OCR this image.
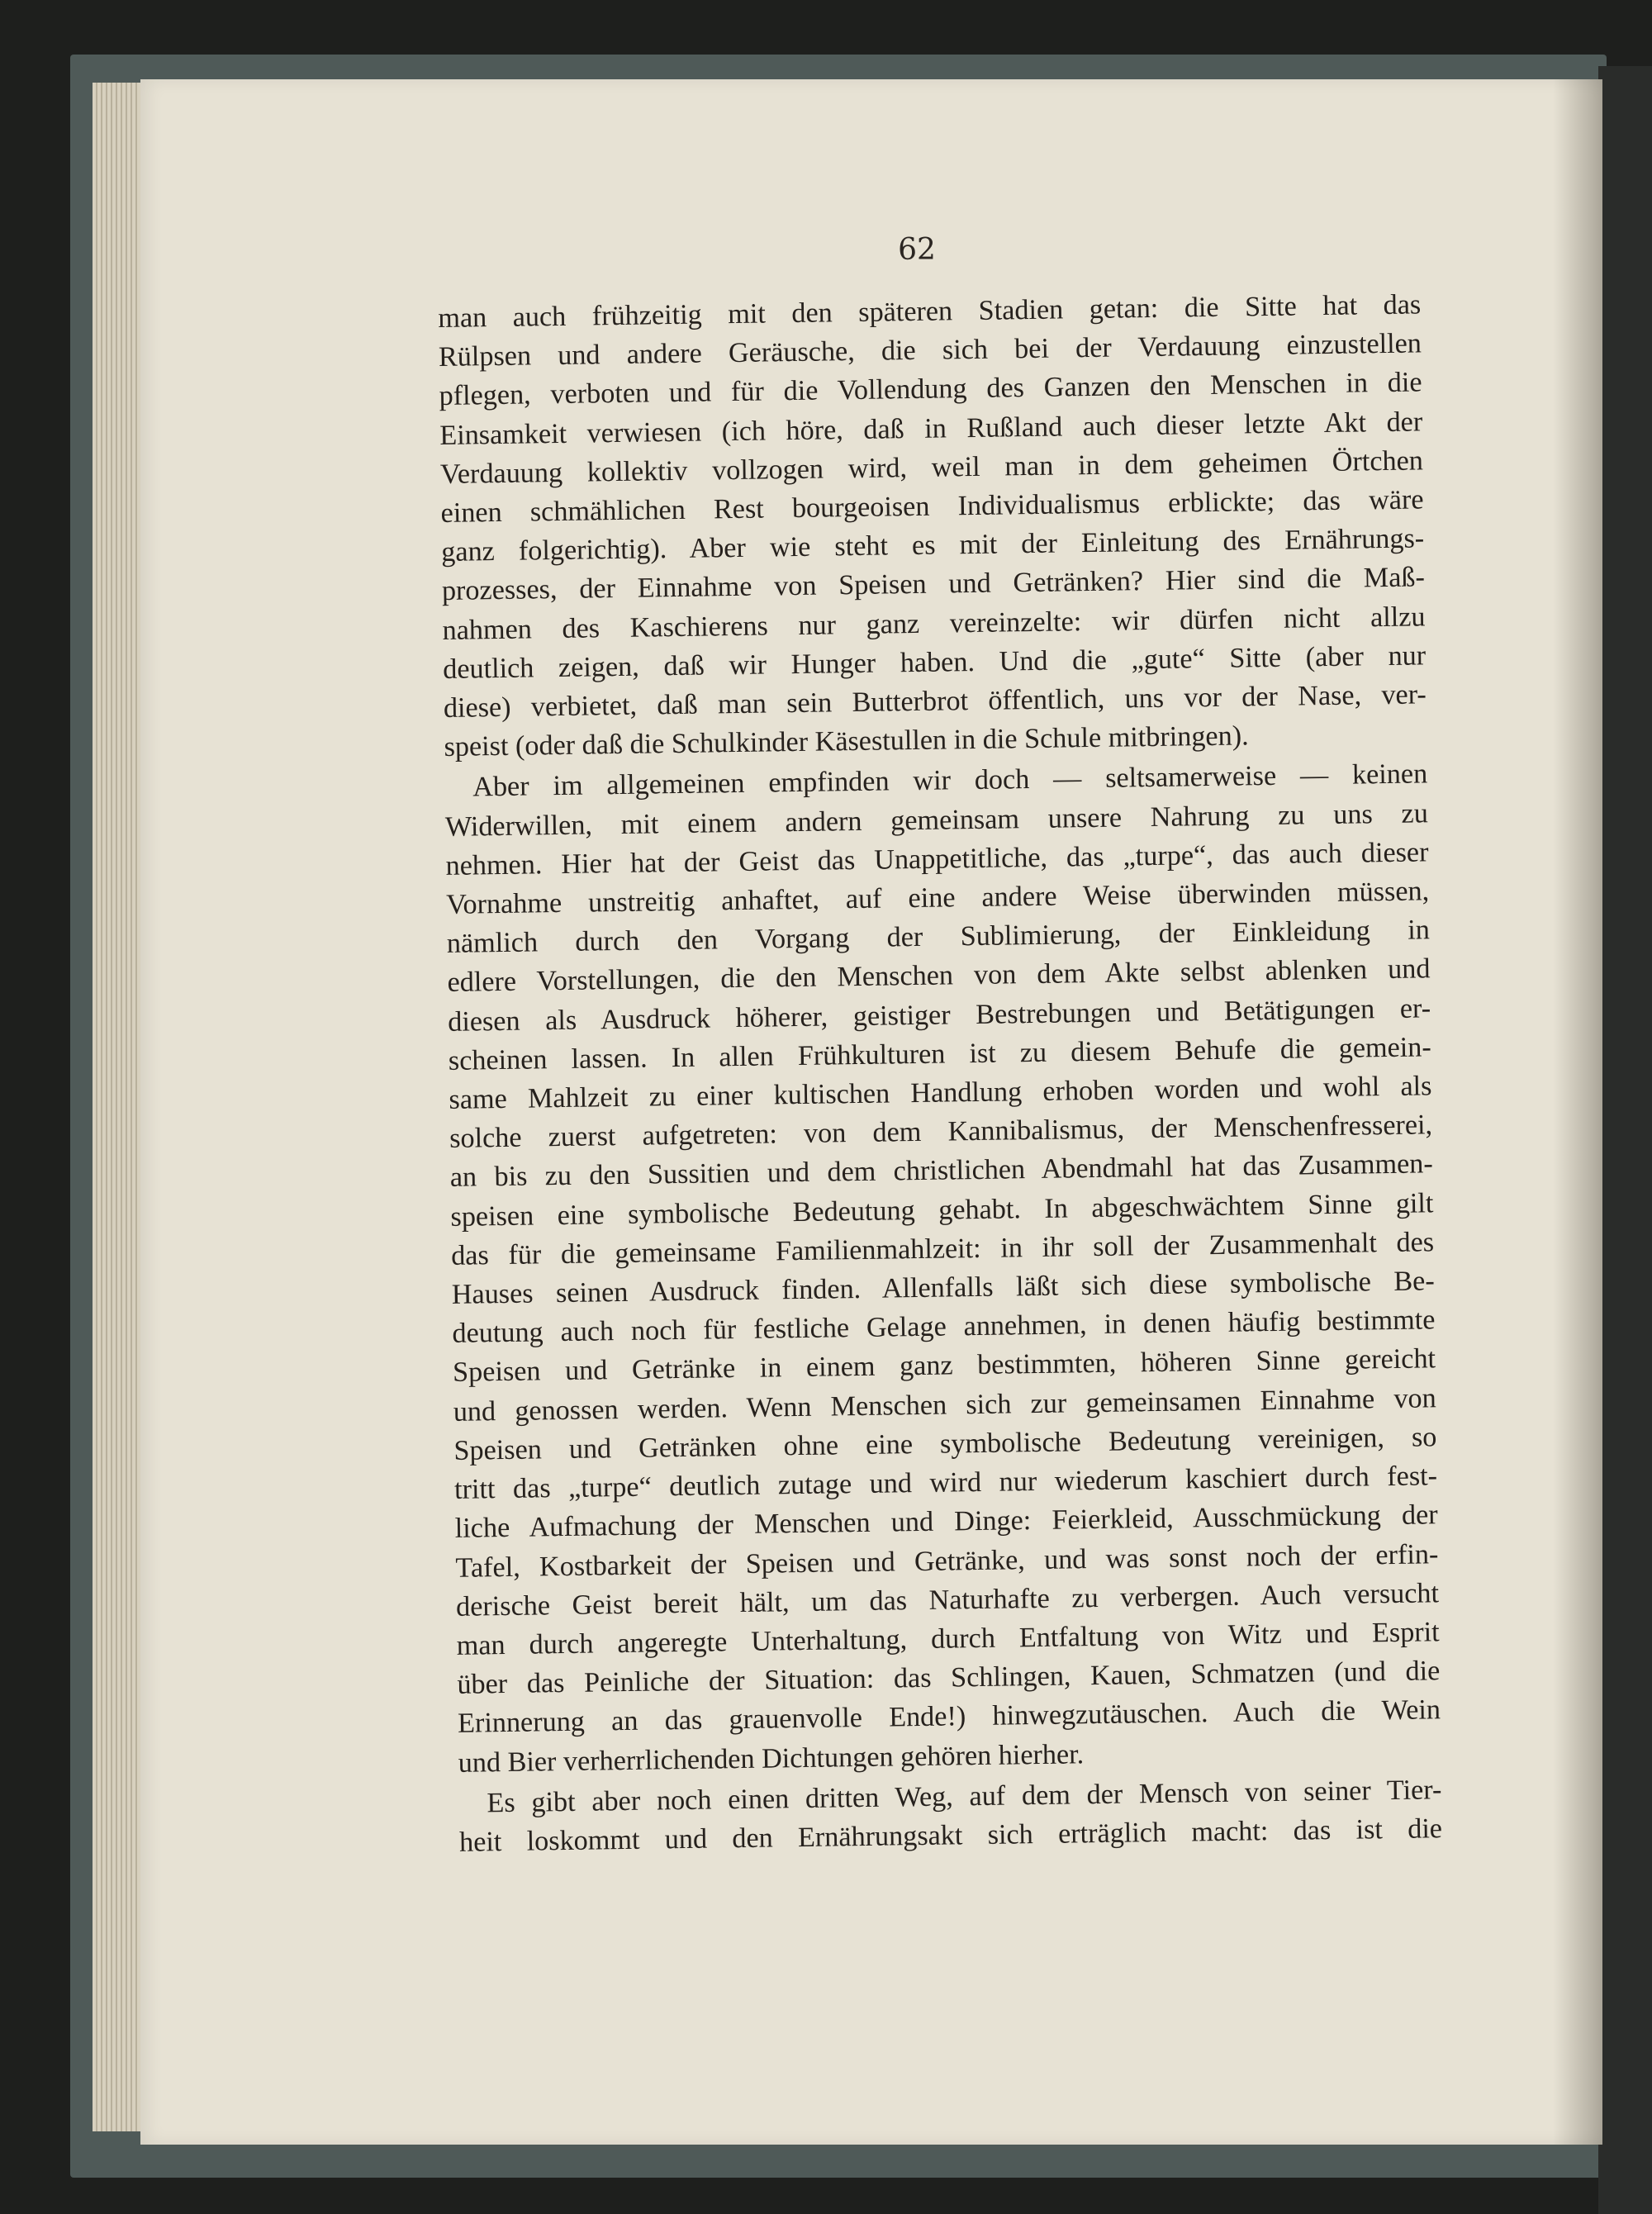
62
man auch frühzeitig mit den späteren Stadien getan: die Sitte hat das
Rülpsen und andere Geräusche, die sich bei der Verdauung einzustellen
pflegen, verboten und für die Vollendung des Ganzen den Menschen in die
Einsamkeit verwiesen (ich höre, daß in Rußland auch dieser letzte Akt der
Verdauung kollektiv vollzogen wird, weil man in dem geheimen Örtchen
einen schmählichen Rest bourgeoisen Individualismus erblickte; das wäre
ganz folgerichtig). Aber wie steht es mit der Einleitung des Ernährungs-
prozesses, der Einnahme von Speisen und Getränken? Hier sind die Maß-
nahmen des Kaschierens nur ganz vereinzelte: wir dürfen nicht allzu
deutlich zeigen, daß wir Hunger haben. Und die „gute“ Sitte (aber nur
diese) verbietet, daß man sein Butterbrot öffentlich, uns vor der Nase, ver-
speist (oder daß die Schulkinder Käsestullen in die Schule mitbringen).
Aber im allgemeinen empfinden wir doch — seltsamerweise — keinen
Widerwillen, mit einem andern gemeinsam unsere Nahrung zu uns zu
nehmen. Hier hat der Geist das Unappetitliche, das „turpe“, das auch dieser
Vornahme unstreitig anhaftet, auf eine andere Weise überwinden müssen,
nämlich durch den Vorgang der Sublimierung, der Einkleidung in
edlere Vorstellungen, die den Menschen von dem Akte selbst ablenken und
diesen als Ausdruck höherer, geistiger Bestrebungen und Betätigungen er-
scheinen lassen. In allen Frühkulturen ist zu diesem Behufe die gemein-
same Mahlzeit zu einer kultischen Handlung erhoben worden und wohl als
solche zuerst aufgetreten: von dem Kannibalismus, der Menschenfresserei,
an bis zu den Sussitien und dem christlichen Abendmahl hat das Zusammen-
speisen eine symbolische Bedeutung gehabt. In abgeschwächtem Sinne gilt
das für die gemeinsame Familienmahlzeit: in ihr soll der Zusammenhalt des
Hauses seinen Ausdruck finden. Allenfalls läßt sich diese symbolische Be-
deutung auch noch für festliche Gelage annehmen, in denen häufig bestimmte
Speisen und Getränke in einem ganz bestimmten, höheren Sinne gereicht
und genossen werden. Wenn Menschen sich zur gemeinsamen Einnahme von
Speisen und Getränken ohne eine symbolische Bedeutung vereinigen, so
tritt das „turpe“ deutlich zutage und wird nur wiederum kaschiert durch fest-
liche Aufmachung der Menschen und Dinge: Feierkleid, Ausschmückung der
Tafel, Kostbarkeit der Speisen und Getränke, und was sonst noch der erfin-
derische Geist bereit hält, um das Naturhafte zu verbergen. Auch versucht
man durch angeregte Unterhaltung, durch Entfaltung von Witz und Esprit
über das Peinliche der Situation: das Schlingen, Kauen, Schmatzen (und die
Erinnerung an das grauenvolle Ende!) hinwegzutäuschen. Auch die Wein
und Bier verherrlichenden Dichtungen gehören hierher.
Es gibt aber noch einen dritten Weg, auf dem der Mensch von seiner Tier-
heit loskommt und den Ernährungsakt sich erträglich macht: das ist die
